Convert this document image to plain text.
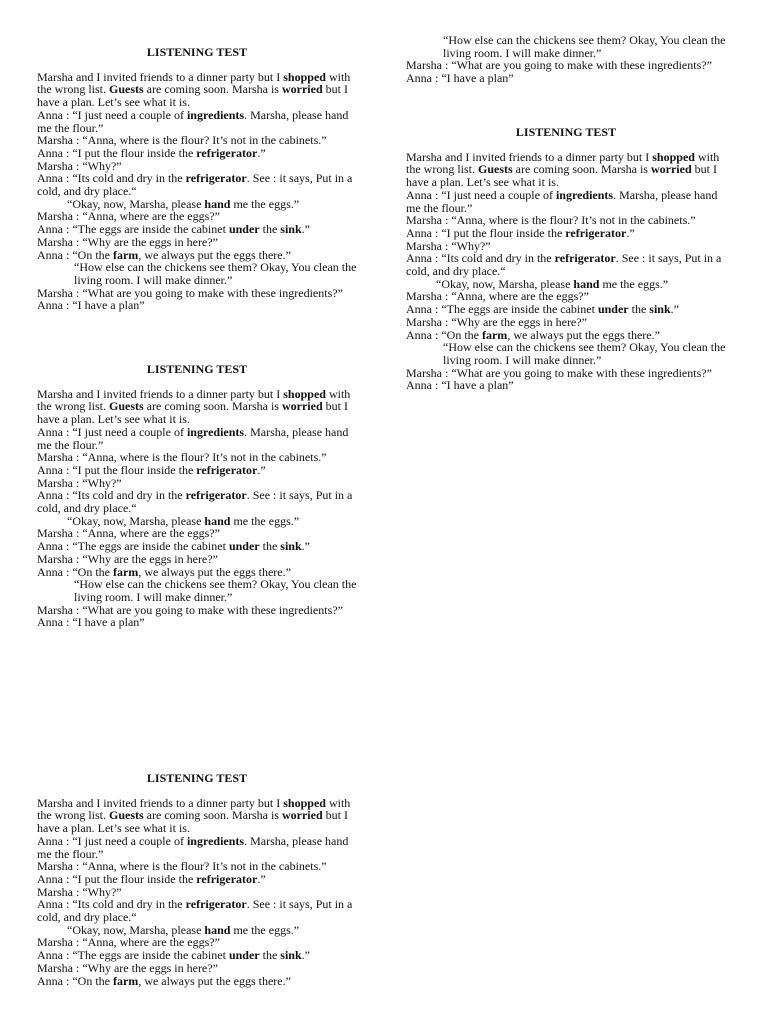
LISTENING TEST
Marsha and I invited friends to a dinner party but I shopped with the wrong list. Guests are coming soon. Marsha is worried but I have a plan. Let’s see what it is.
Anna : “I just need a couple of ingredients. Marsha, please hand me the flour.”
Marsha : “Anna, where is the flour? It’s not in the cabinets.”
Anna : “I put the flour inside the refrigerator.”
Marsha : “Why?”
Anna : “Its cold and dry in the refrigerator. See : it says, Put in a cold, and dry place.“
“Okay, now, Marsha, please hand me the eggs.”
Marsha : “Anna, where are the eggs?”
Anna : “The eggs are inside the cabinet under the sink.”
Marsha : “Why are the eggs in here?”
Anna : “On the farm, we always put the eggs there.”
“How else can the chickens see them? Okay, You clean the living room. I will make dinner.”
Marsha : “What are you going to make with these ingredients?”
Anna : “I have a plan”
LISTENING TEST
Marsha and I invited friends to a dinner party but I shopped with the wrong list. Guests are coming soon. Marsha is worried but I have a plan. Let’s see what it is.
Anna : “I just need a couple of ingredients. Marsha, please hand me the flour.”
Marsha : “Anna, where is the flour? It’s not in the cabinets.”
Anna : “I put the flour inside the refrigerator.”
Marsha : “Why?”
Anna : “Its cold and dry in the refrigerator. See : it says, Put in a cold, and dry place.“
“Okay, now, Marsha, please hand me the eggs.”
Marsha : “Anna, where are the eggs?”
Anna : “The eggs are inside the cabinet under the sink.”
Marsha : “Why are the eggs in here?”
Anna : “On the farm, we always put the eggs there.”
“How else can the chickens see them? Okay, You clean the living room. I will make dinner.”
Marsha : “What are you going to make with these ingredients?”
Anna : “I have a plan”
LISTENING TEST
Marsha and I invited friends to a dinner party but I shopped with the wrong list. Guests are coming soon. Marsha is worried but I have a plan. Let’s see what it is.
Anna : “I just need a couple of ingredients. Marsha, please hand me the flour.”
Marsha : “Anna, where is the flour? It’s not in the cabinets.”
Anna : “I put the flour inside the refrigerator.”
Marsha : “Why?”
Anna : “Its cold and dry in the refrigerator. See : it says, Put in a cold, and dry place.“
“Okay, now, Marsha, please hand me the eggs.”
Marsha : “Anna, where are the eggs?”
Anna : “The eggs are inside the cabinet under the sink.”
Marsha : “Why are the eggs in here?”
Anna : “On the farm, we always put the eggs there.”
“How else can the chickens see them? Okay, You clean the living room. I will make dinner.”
Marsha : “What are you going to make with these ingredients?”
Anna : “I have a plan”
LISTENING TEST
Marsha and I invited friends to a dinner party but I shopped with the wrong list. Guests are coming soon. Marsha is worried but I have a plan. Let’s see what it is.
Anna : “I just need a couple of ingredients. Marsha, please hand me the flour.”
Marsha : “Anna, where is the flour? It’s not in the cabinets.”
Anna : “I put the flour inside the refrigerator.”
Marsha : “Why?”
Anna : “Its cold and dry in the refrigerator. See : it says, Put in a cold, and dry place.“
“Okay, now, Marsha, please hand me the eggs.”
Marsha : “Anna, where are the eggs?”
Anna : “The eggs are inside the cabinet under the sink.”
Marsha : “Why are the eggs in here?”
Anna : “On the farm, we always put the eggs there.”
“How else can the chickens see them? Okay, You clean the living room. I will make dinner.”
Marsha : “What are you going to make with these ingredients?”
Anna : “I have a plan”
